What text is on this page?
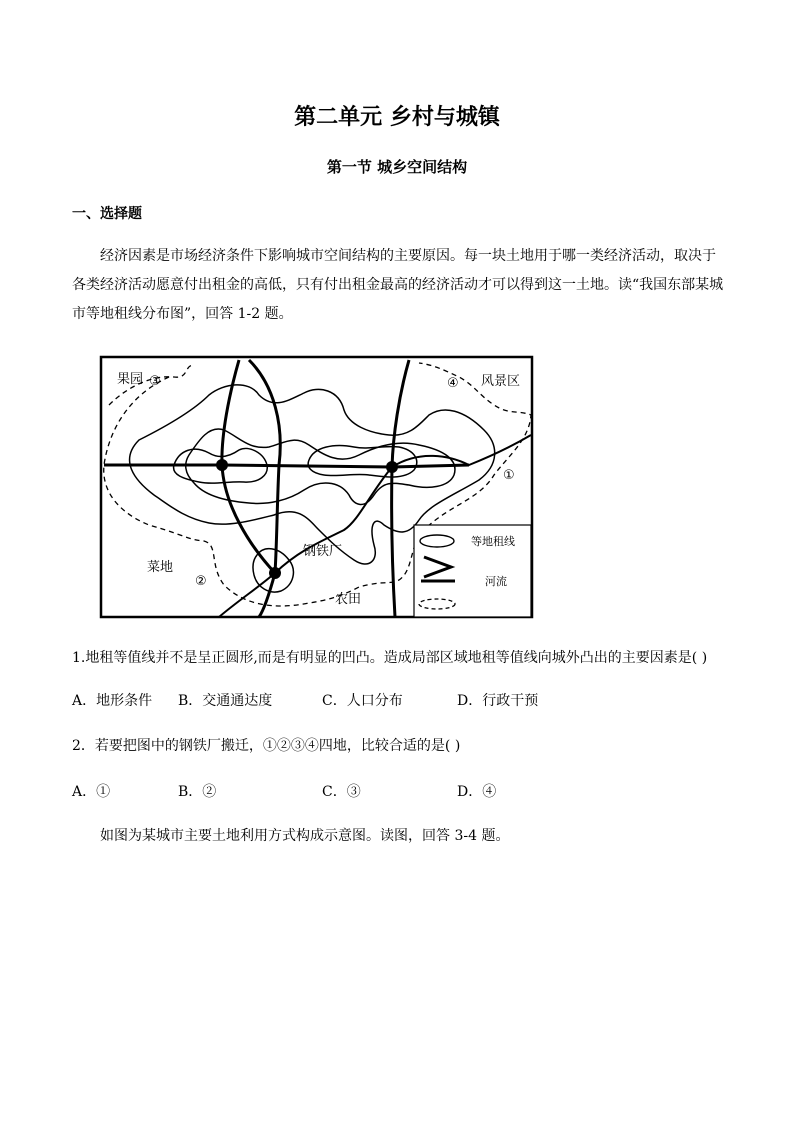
第二单元 乡村与城镇
第一节 城乡空间结构
一、选择题
经济因素是市场经济条件下影响城市空间结构的主要原因。每一块土地用于哪一类经济活动，取决于各类经济活动愿意付出租金的高低，只有付出租金最高的经济活动才可以得到这一土地。读“我国东部某城市等地租线分布图”，回答 1-2 题。
果园 ③	④ 风景区
①
菜地
②
钢铁厂
农田
等地租线
河流
1.地租等值线并不是呈正圆形,而是有明显的凹凸。造成局部区域地租等值线向城外凸出的主要因素是( )
A．地形条件 B．交通通达度	C．人口分布	D．行政干预
2．若要把图中的钢铁厂搬迁，①②③④四地，比较合适的是( )
A．①	B．②	C．③	D．④
如图为某城市主要土地利用方式构成示意图。读图，回答 3-4 题。
